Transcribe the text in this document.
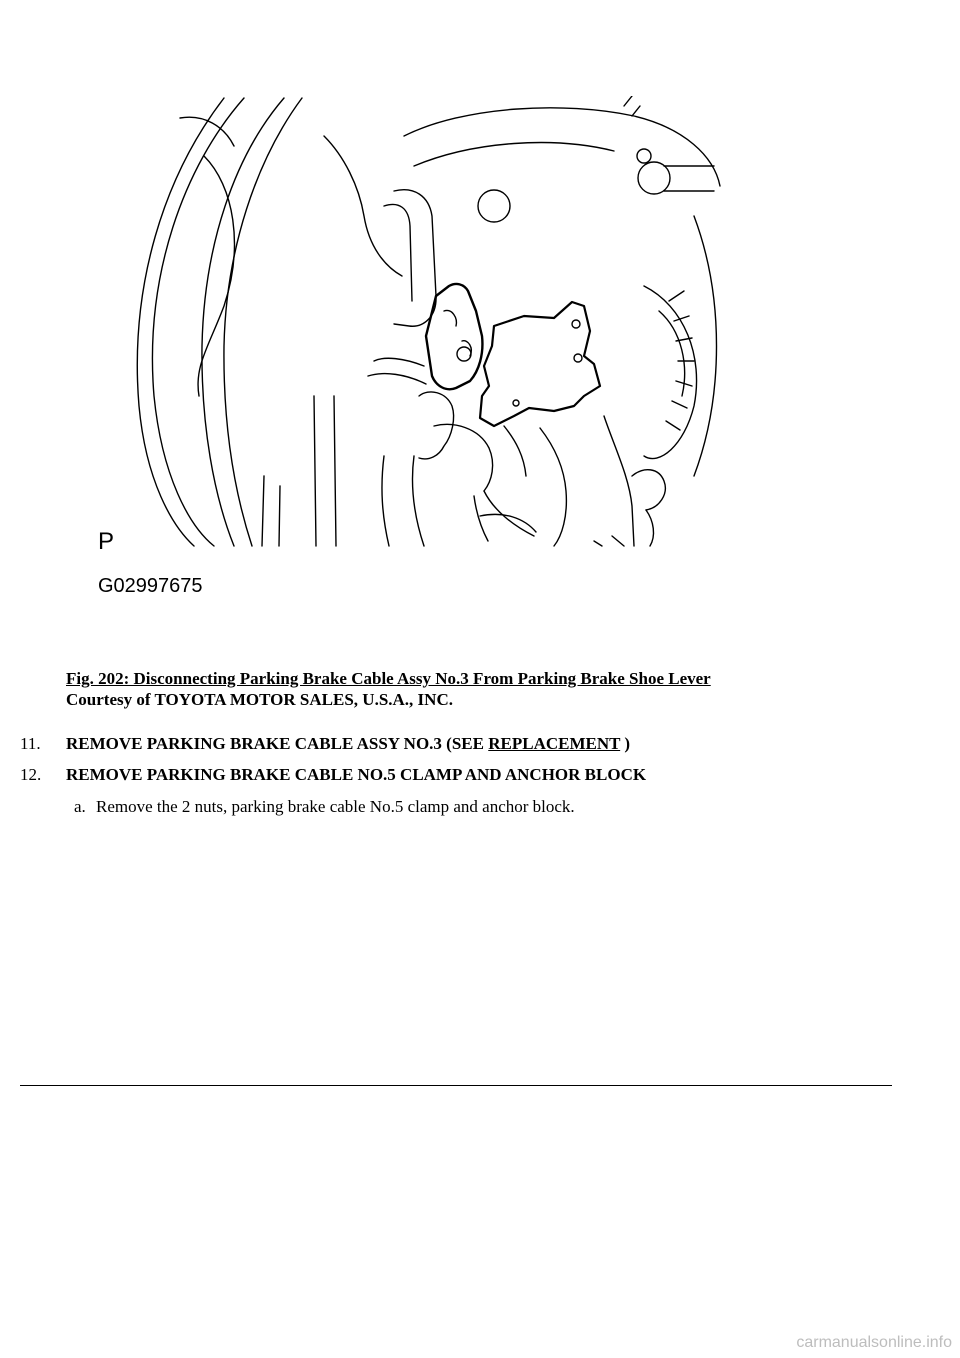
P
G02997675
Fig. 202: Disconnecting Parking Brake Cable Assy No.3 From Parking Brake Shoe Lever
Courtesy of TOYOTA MOTOR SALES, U.S.A., INC.
11. REMOVE PARKING BRAKE CABLE ASSY NO.3 (SEE REPLACEMENT )
12. REMOVE PARKING BRAKE CABLE NO.5 CLAMP AND ANCHOR BLOCK
a. Remove the 2 nuts, parking brake cable No.5 clamp and anchor block.
carmanualsonline.info
